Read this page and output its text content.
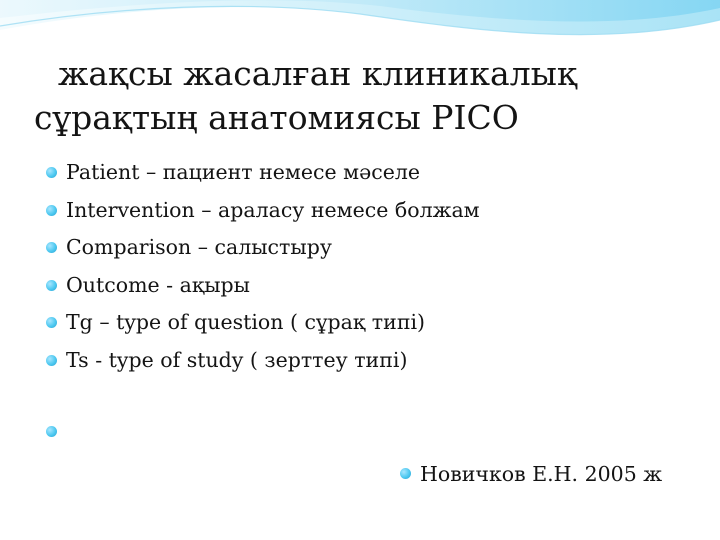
жақсы жасалған клиникалық
сұрақтың анатомиясы PICO
Patient – пациент немесе мәселе
Intervention – араласу немесе болжам
Comparison – салыстыру
Outcome - ақыры
Tg – type of question ( сұрақ типі)
Ts - type of study ( зерттеу типі)
Новичков Е.Н. 2005 ж
